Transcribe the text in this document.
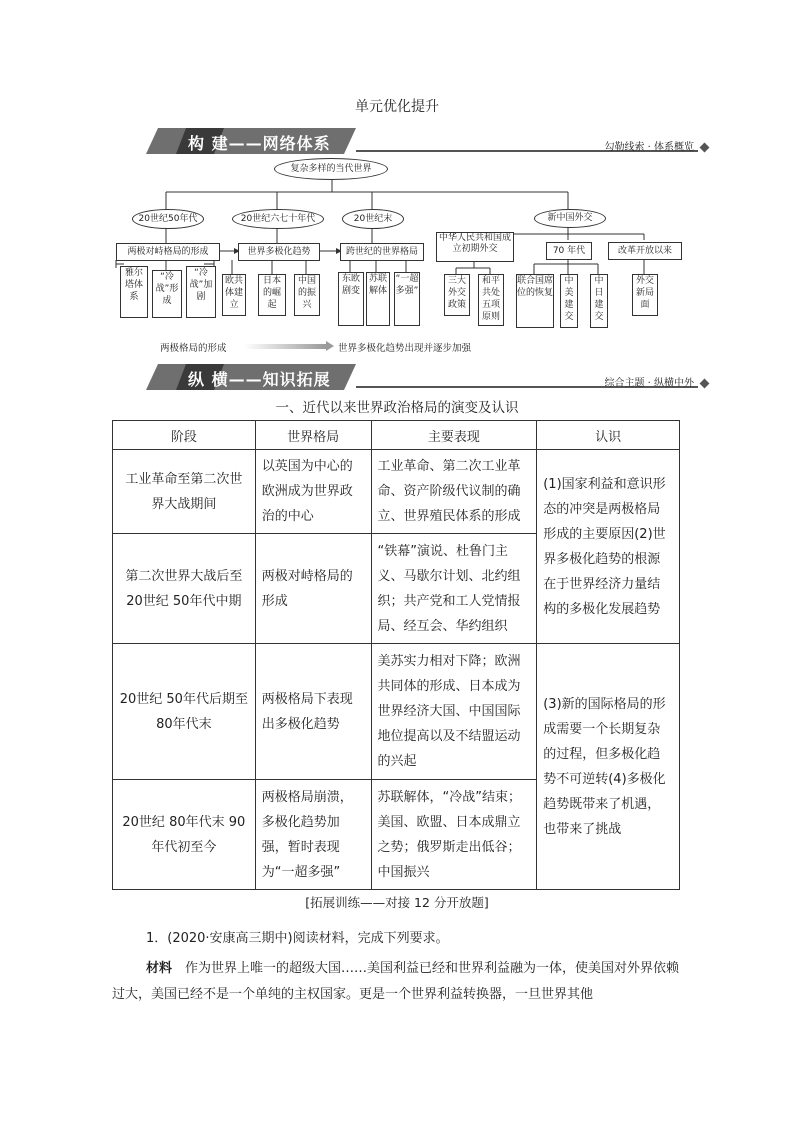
单元优化提升
构 建——网络体系	勾勒线索 · 体系概览
复杂多样的当代世界
20世纪50年代	20世纪六七十年代	20世纪末	新中国外交
两极对峙格局的形成	世界多极化趋势	跨世纪的世界格局
中华人民共和国成立初期外交	70 年代	改革开放以来
雅尔塔体系
“冷战”形成
“冷战”加剧
欧共体建立
日本的崛起
中国的振兴
东欧剧变
苏联解体
“一超多强”
三大外交政策
和平共处五项原则
联合国席位的恢复
中美建交
中日建交
外交新局面
两极格局的形成	世界多极化趋势出现并逐步加强
纵 横——知识拓展	综合主题 · 纵横中外
一、近代以来世界政治格局的演变及认识
阶段	世界格局	主要表现	认识
工业革命至第二次世界大战期间	以英国为中心的欧洲成为世界政治的中心	工业革命、第二次工业革命、资产阶级代议制的确立、世界殖民体系的形成	(1)国家利益和意识形态的冲突是两极格局形成的主要原因(2)世界多极化趋势的根源在于世界经济力量结构的多极化发展趋势
第二次世界大战后至20世纪 50年代中期	两极对峙格局的形成	“铁幕”演说、杜鲁门主义、马歇尔计划、北约组织；共产党和工人党情报局、经互会、华约组织	
20世纪 50年代后期至 80年代末	两极格局下表现出多极化趋势	美苏实力相对下降；欧洲共同体的形成、日本成为世界经济大国、中国国际地位提高以及不结盟运动的兴起	(3)新的国际格局的形成需要一个长期复杂的过程，但多极化趋势不可逆转(4)多极化趋势既带来了机遇，也带来了挑战
20世纪 80年代末 90年代初至今	两极格局崩溃，多极化趋势加强，暂时表现为“一超多强”	苏联解体，“冷战”结束；美国、欧盟、日本成鼎立之势；俄罗斯走出低谷；中国振兴	
[拓展训练——对接 12 分开放题]
1．(2020·安康高三期中)阅读材料，完成下列要求。
材料　 作为世界上唯一的超级大国……美国利益已经和世界利益融为一体，使美国对外界依赖过大，美国已经不是一个单纯的主权国家。更是一个世界利益转换器，一旦世界其他
